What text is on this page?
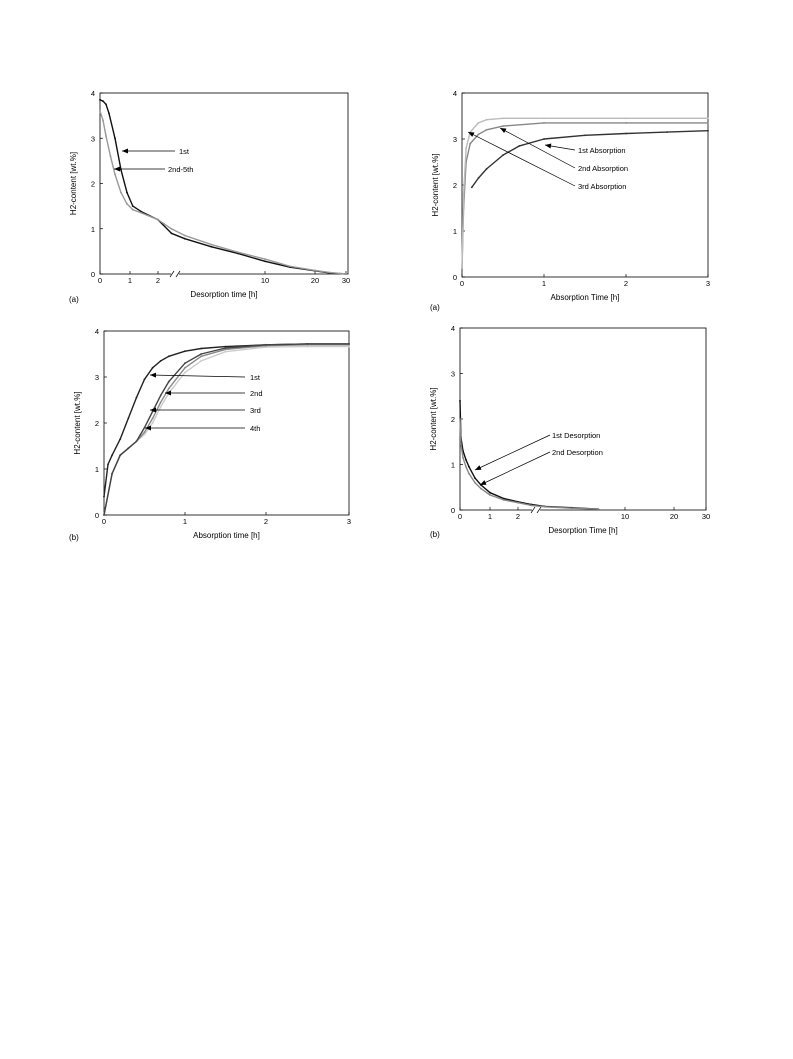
0	1	2	10	20	30
0
1
2
3
4
Desorption time [h]
H2-content [wt.%]
(a)
1st
2nd-5th
0	1	2	3
0
1
2
3
4
Absorption Time [h]
H2-content [wt.%]
(a)
1st Absorption
2nd Absorption
3rd Absorption
0	1	2	3
0
1
2
3
4
Absorption time [h]
H2-content [wt.%]
(b)
1st
2nd
3rd
4th
0	1	2	10	20	30
0
1
2
3
4
Desorption Time [h]
H2-content [wt.%]
(b)
1st Desorption
2nd Desorption
